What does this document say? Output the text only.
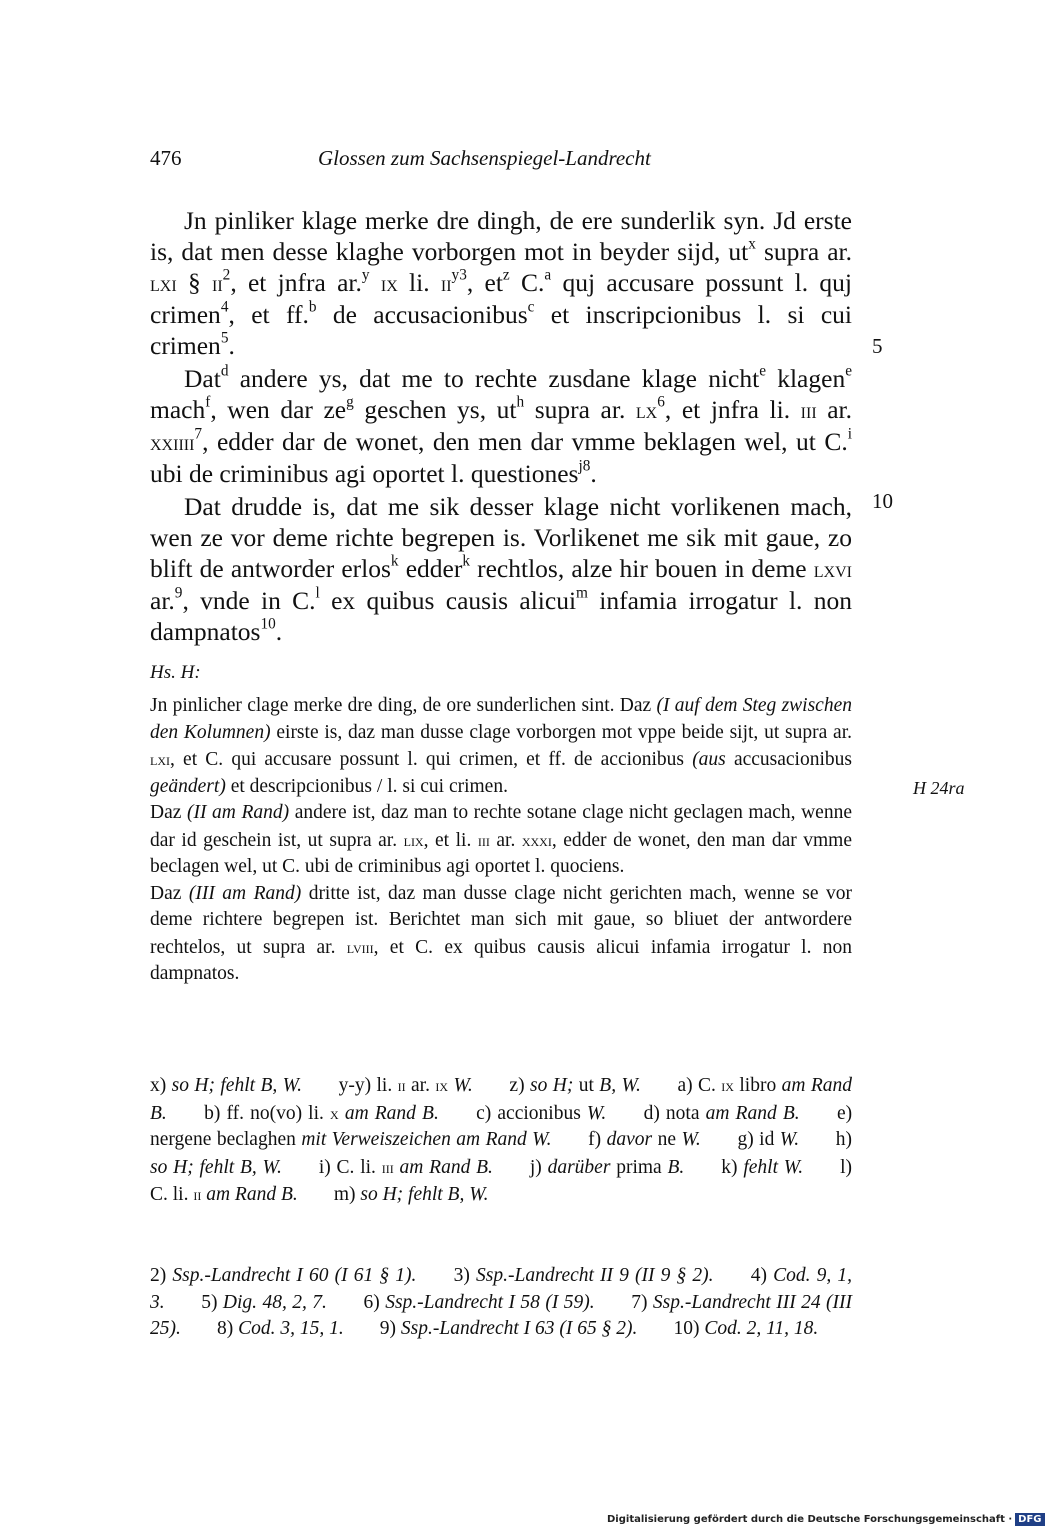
476	Glossen zum Sachsenspiegel-Landrecht

Jn pinliker klage merke dre dingh, de ere sunderlik syn. Jd erste is, dat men desse klaghe vorborgen mot in beyder sijd, $ut^x$ supra ar. lxi § $ii^2$, et jnfra ar.$^y$ ix li. $ii^{y3}$, $et^z$ C.$^a$ quj accusare possunt l. quj crimen$^4$, et ff.$^b$ de accusacionibus$^c$ et inscripcionibus l. si cui crimen$^5$.

Dat$^d$ andere ys, dat me to rechte zusdane klage nicht$^e$ klagen$^e$ mach$^f$, wen dar $ze^g$ geschen ys, $ut^h$ supra ar. $lx^6$, et jnfra li. iii ar. xxiiii$^7$, edder dar de wonet, den men dar vmme beklagen wel, ut C.$^i$ ubi de criminibus agi oportet l. questiones$^{j8}$.

Dat drudde is, dat me sik desser klage nicht vorlikenen mach, wen ze vor deme richte begrepen is. Vorlikenet me sik mit gaue, zo blift de antworder erlos$^k$ edder$^k$ rechtlos, alze hir bouen in deme lxvi ar.$^9$, vnde in C.$^l$ ex quibus causis alicui$^m$ infamia irrogatur l. non dampnatos$^{10}$.

5
10
Hs. H:

Jn pinlicher clage merke dre ding, de ore sunderlichen sint. Daz (I auf dem Steg zwischen den Kolumnen) eirste is, daz man dusse clage vorborgen mot vppe beide sijt, ut supra ar. lxi, et C. qui accusare possunt l. qui crimen, et ff. de accionibus (aus accusacionibus geändert) et descripcionibus / l. si cui crimen.

Daz (II am Rand) andere ist, daz man to rechte sotane clage nicht geclagen mach, wenne dar id geschein ist, ut supra ar. lix, et li. iii ar. xxxi, edder de wonet, den man dar vmme beclagen wel, ut C. ubi de criminibus agi oportet l. quociens.

Daz (III am Rand) dritte ist, daz man dusse clage nicht gerichten mach, wenne se vor deme richtere begrepen ist. Berichtet man sich mit gaue, so bliuet der antwordere rechtelos, ut supra ar. lviii, et C. ex quibus causis alicui infamia irrogatur l. non dampnatos.

H 24ra
x) so H; fehlt B, W. y-y) li. ii ar. ix W. z) so H; ut B, W. a) C. ix libro am Rand B. b) ff. no(vo) li. x am Rand B. c) accionibus W. d) nota am Rand B. e) nergene beclaghen mit Verweiszeichen am Rand W. f) davor ne W. g) id W. h) so H; fehlt B, W. i) C. li. iii am Rand B. j) darüber prima B. k) fehlt W. l) C. li. ii am Rand B. m) so H; fehlt B, W.
2) Ssp.-Landrecht I 60 (I 61 § 1). 3) Ssp.-Landrecht II 9 (II 9 § 2). 4) Cod. 9, 1, 3. 5) Dig. 48, 2, 7. 6) Ssp.-Landrecht I 58 (I 59). 7) Ssp.-Landrecht III 24 (III 25). 8) Cod. 3, 15, 1. 9) Ssp.-Landrecht I 63 (I 65 § 2). 10) Cod. 2, 11, 18.
Digitalisierung gefördert durch die Deutsche Forschungsgemeinschaft · DFG
